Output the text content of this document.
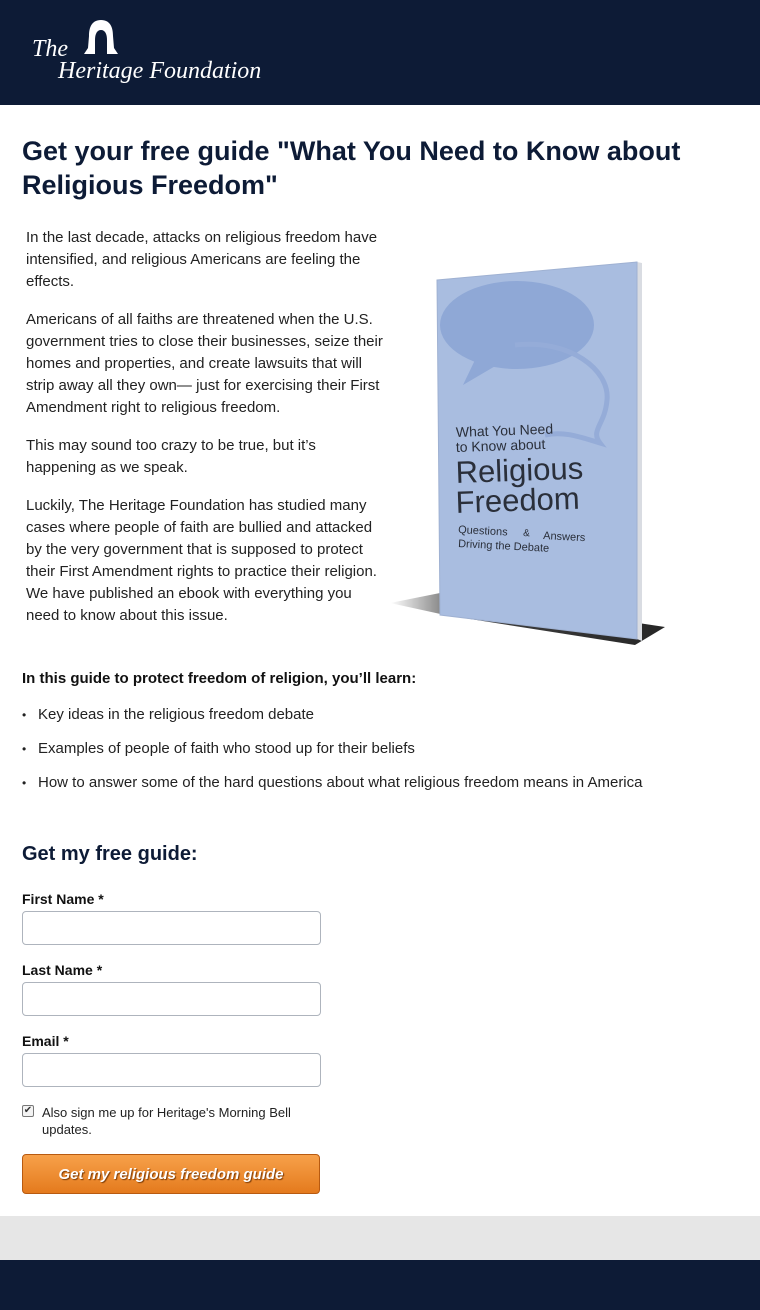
The
Heritage Foundation
Get your free guide "What You Need to Know about Religious Freedom"

In the last decade, attacks on religious freedom have intensified, and religious Americans are feeling the effects.

Americans of all faiths are threatened when the U.S. government tries to close their businesses, seize their homes and properties, and create lawsuits that will strip away all they own— just for exercising their First Amendment right to religious freedom.

This may sound too crazy to be true, but it’s happening as we speak.

Luckily, The Heritage Foundation has studied many cases where people of faith are bullied and attacked by the very government that is supposed to protect their First Amendment rights to practice their religion. We have published an ebook with everything you need to know about this issue.

What You Need
to Know about
Religious
Freedom
Questions & Answers
Driving the Debate
In this guide to protect freedom of religion, you’ll learn:
• Key ideas in the religious freedom debate
• Examples of people of faith who stood up for their beliefs
• How to answer some of the hard questions about what religious freedom means in America
Get my free guide:
First Name *
Last Name *
Email *
✔ Also sign me up for Heritage's Morning Bell updates.
Get my religious freedom guide
